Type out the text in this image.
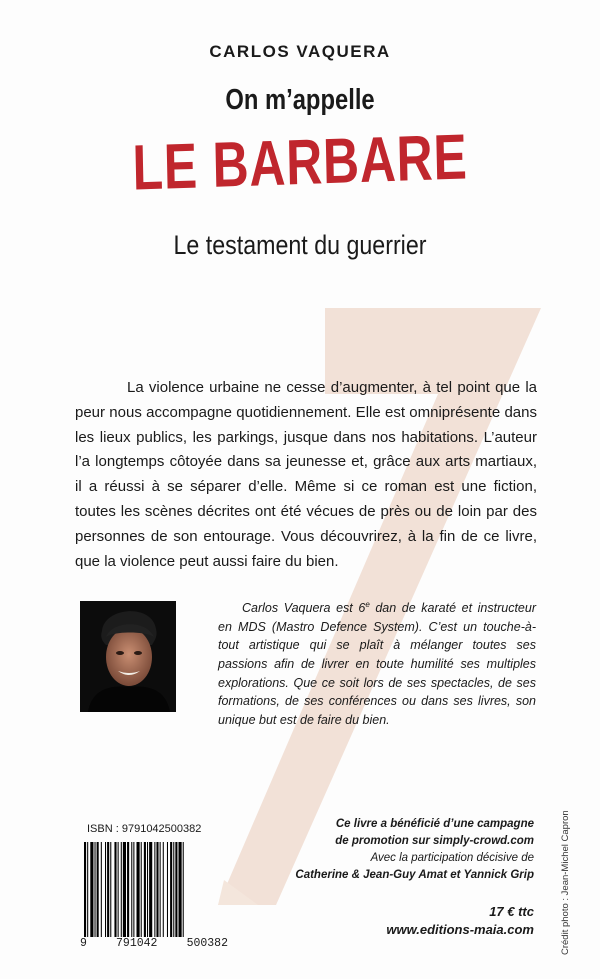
CARLOS VAQUERA
On m’appelle
LE BARBARE
Le testament du guerrier
La violence urbaine ne cesse d’augmenter, à tel point que la peur nous accompagne quotidiennement. Elle est omniprésente dans les lieux publics, les parkings, jusque dans nos habitations. L’auteur l’a longtemps côtoyée dans sa jeunesse et, grâce aux arts martiaux, il a réussi à se séparer d’elle. Même si ce roman est une fiction, toutes les scènes décrites ont été vécues de près ou de loin par des personnes de son entourage. Vous découvrirez, à la fin de ce livre, que la violence peut aussi faire du bien.
Carlos Vaquera est 6e dan de karaté et instructeur en MDS (Mastro Defence System). C’est un touche-à-tout artistique qui se plaît à mélanger toutes ses passions afin de livrer en toute humilité ses multiples explorations. Que ce soit lors de ses spectacles, de ses formations, de ses conférences ou dans ses livres, son unique but est de faire du bien.
ISBN : 9791042500382
9	791042	500382	Crédit photo : Jean-Michel Capron
Ce livre a bénéficié d’une campagne
de promotion sur simply-crowd.com
Avec la participation décisive de
Catherine & Jean-Guy Amat et Yannick Grip
17 € ttc
www.editions-maia.com
